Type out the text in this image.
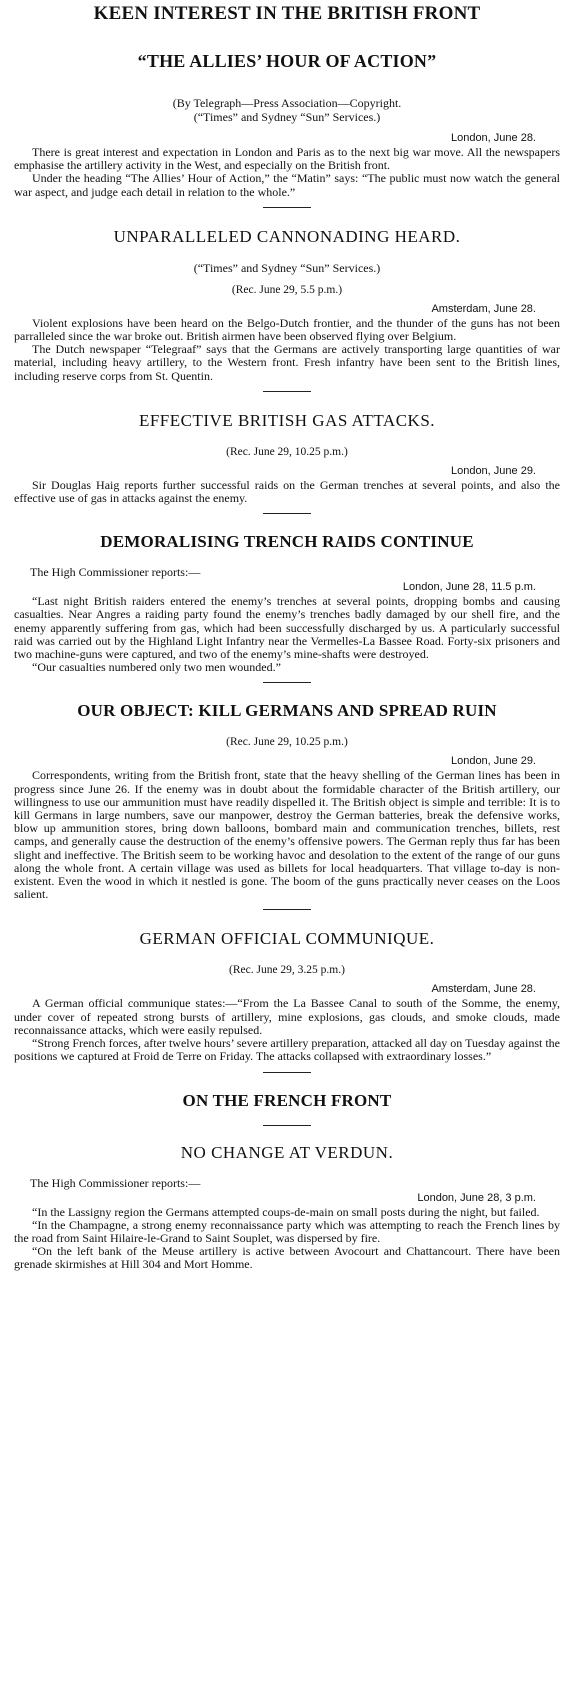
KEEN INTEREST IN THE BRITISH FRONT
“THE ALLIES’ HOUR OF ACTION”
(By Telegraph—Press Association—Copyright.
(“Times” and Sydney “Sun” Services.)
London, June 28.

There is great interest and expectation in London and Paris as to the next big war move. All the newspapers emphasise the artillery activity in the West, and especially on the British front.

Under the heading “The Allies’ Hour of Action,” the “Matin” says: “The public must now watch the general war aspect, and judge each detail in relation to the whole.”

UNPARALLELED CANNONADING HEARD.
(“Times” and Sydney “Sun” Services.)
(Rec. June 29, 5.5 p.m.)
Amsterdam, June 28.

Violent explosions have been heard on the Belgo-Dutch frontier, and the thunder of the guns has not been parralleled since the war broke out. British airmen have been observed flying over Belgium.

The Dutch newspaper “Telegraaf” says that the Germans are actively transporting large quantities of war material, including heavy artillery, to the Western front. Fresh infantry have been sent to the British lines, including reserve corps from St. Quentin.

EFFECTIVE BRITISH GAS ATTACKS.
(Rec. June 29, 10.25 p.m.)
London, June 29.

Sir Douglas Haig reports further successful raids on the German trenches at several points, and also the effective use of gas in attacks against the enemy.

DEMORALISING TRENCH RAIDS CONTINUE
The High Commissioner reports:—
London, June 28, 11.5 p.m.

“Last night British raiders entered the enemy’s trenches at several points, dropping bombs and causing casualties. Near Angres a raiding party found the enemy’s trenches badly damaged by our shell fire, and the enemy apparently suffering from gas, which had been successfully discharged by us. A particularly successful raid was carried out by the Highland Light Infantry near the Vermelles-La Bassee Road. Forty-six prisoners and two machine-guns were captured, and two of the enemy’s mine-shafts were destroyed.

“Our casualties numbered only two men wounded.”

OUR OBJECT: KILL GERMANS AND SPREAD RUIN
(Rec. June 29, 10.25 p.m.)
London, June 29.

Correspondents, writing from the British front, state that the heavy shelling of the German lines has been in progress since June 26. If the enemy was in doubt about the formidable character of the British artillery, our willingness to use our ammunition must have readily dispelled it. The British object is simple and terrible: It is to kill Germans in large numbers, save our manpower, destroy the German batteries, break the defensive works, blow up ammunition stores, bring down balloons, bombard main and communication trenches, billets, rest camps, and generally cause the destruction of the enemy’s offensive powers. The German reply thus far has been slight and ineffective. The British seem to be working havoc and desolation to the extent of the range of our guns along the whole front. A certain village was used as billets for local headquarters. That village to-day is non-existent. Even the wood in which it nestled is gone. The boom of the guns practically never ceases on the Loos salient.

GERMAN OFFICIAL COMMUNIQUE.
(Rec. June 29, 3.25 p.m.)
Amsterdam, June 28.

A German official communique states:—“From the La Bassee Canal to south of the Somme, the enemy, under cover of repeated strong bursts of artillery, mine explosions, gas clouds, and smoke clouds, made reconnaissance attacks, which were easily repulsed.

“Strong French forces, after twelve hours’ severe artillery preparation, attacked all day on Tuesday against the positions we captured at Froid de Terre on Friday. The attacks collapsed with extraordinary losses.”

ON THE FRENCH FRONT
NO CHANGE AT VERDUN.
The High Commissioner reports:—
London, June 28, 3 p.m.

“In the Lassigny region the Germans attempted coups-de-main on small posts during the night, but failed.

“In the Champagne, a strong enemy reconnaissance party which was attempting to reach the French lines by the road from Saint Hilaire-le-Grand to Saint Souplet, was dispersed by fire.

“On the left bank of the Meuse artillery is active between Avocourt and Chattancourt. There have been grenade skirmishes at Hill 304 and Mort Homme.
